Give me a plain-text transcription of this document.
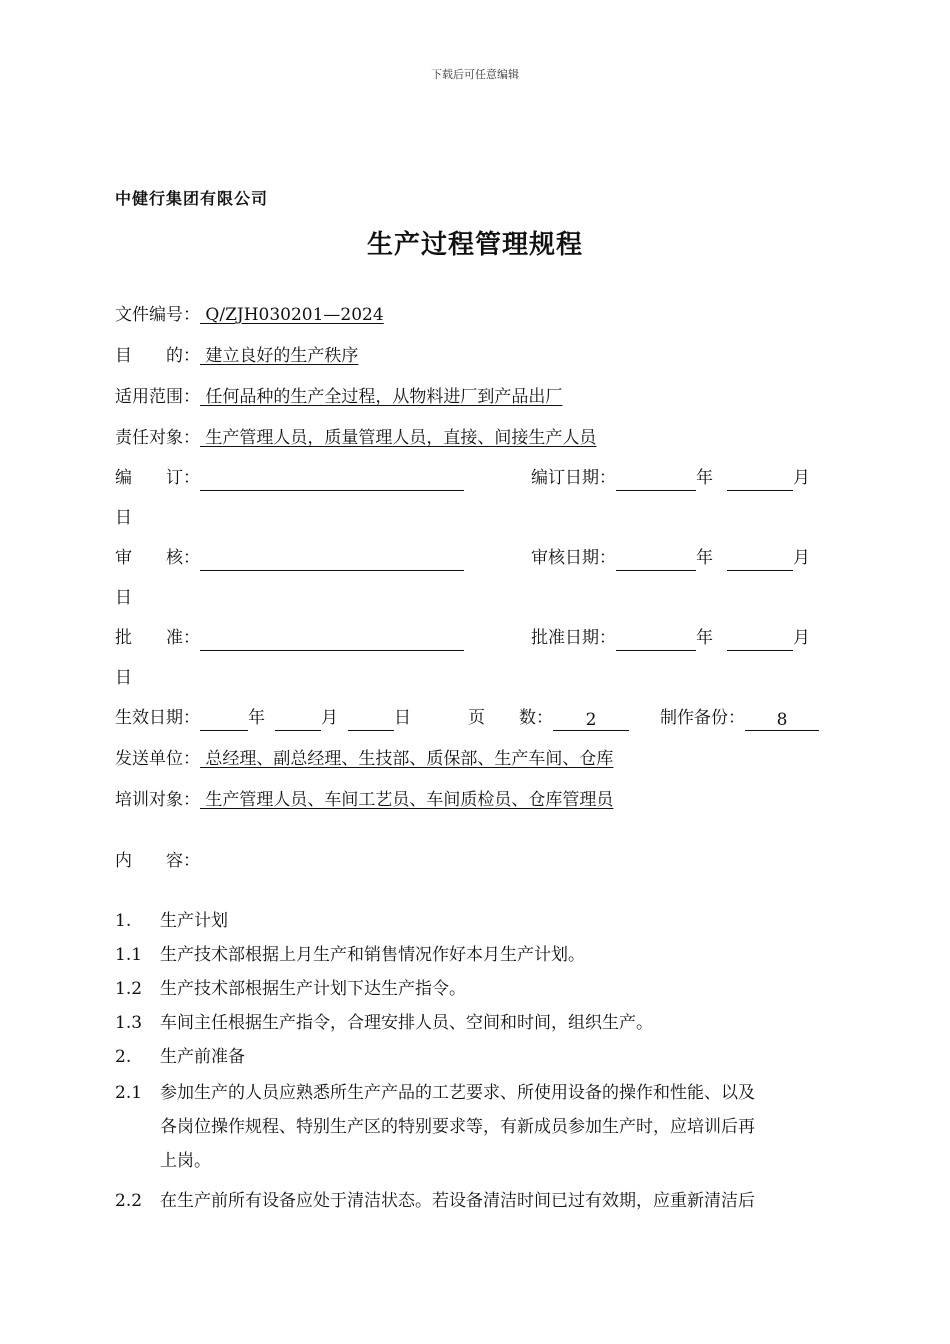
下载后可任意编辑
中健行集团有限公司
生产过程管理规程
文件编号： Q/ZJH030201—2024
目　　的： 建立良好的生产秩序
适用范围： 任何品种的生产全过程，从物料进厂到产品出厂
责任对象： 生产管理人员，质量管理人员，直接、间接生产人员
编　　订：	编订日期：	年	月
日
审　　核：	审核日期：	年	月
日
批　　准：	批准日期：	年	月
日
生效日期：	年	月	日	页　　数： 2	制作备份： 8
发送单位： 总经理、副总经理、生技部、质保部、生产车间、仓库
培训对象： 生产管理人员、车间工艺员、车间质检员、仓库管理员
内　　容：
1. 生产计划
1.1 生产技术部根据上月生产和销售情况作好本月生产计划。
1.2 生产技术部根据生产计划下达生产指令。
1.3 车间主任根据生产指令，合理安排人员、空间和时间，组织生产。
2. 生产前准备
2.1 参加生产的人员应熟悉所生产产品的工艺要求、所使用设备的操作和性能、以及
各岗位操作规程、特别生产区的特别要求等，有新成员参加生产时，应培训后再
上岗。
2.2 在生产前所有设备应处于清洁状态。若设备清洁时间已过有效期，应重新清洁后
